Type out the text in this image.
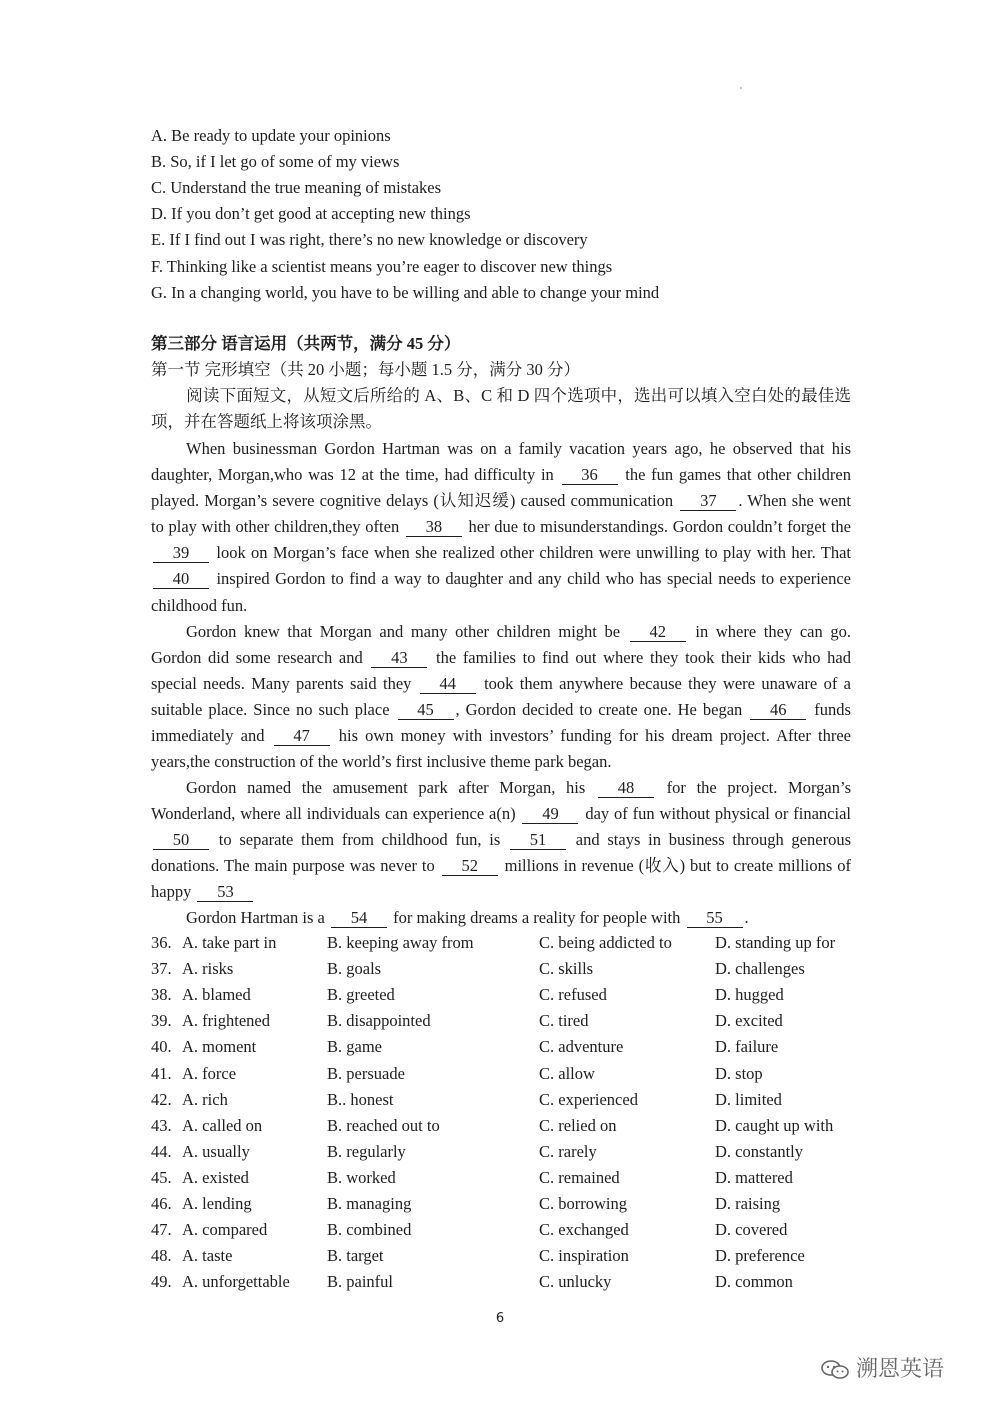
A. Be ready to update your opinions
B. So, if I let go of some of my views
C. Understand the true meaning of mistakes
D. If you don’t get good at accepting new things
E. If I find out I was right, there’s no new knowledge or discovery
F. Thinking like a scientist means you’re eager to discover new things
G. In a changing world, you have to be willing and able to change your mind
第三部分 语言运用（共两节，满分 45 分）
第一节 完形填空（共 20 小题；每小题 1.5 分，满分 30 分）

阅读下面短文，从短文后所给的 A、B、C 和 D 四个选项中，选出可以填入空白处的最佳选项，并在答题纸上将该项涂黑。

When businessman Gordon Hartman was on a family vacation years ago, he observed that his daughter, Morgan,who was 12 at the time, had difficulty in 36 the fun games that other children played. Morgan’s severe cognitive delays (认知迟缓) caused communication 37 . When she went to play with other children,they often 38 her due to misunderstandings. Gordon couldn’t forget the 39 look on Morgan’s face when she realized other children were unwilling to play with her. That 40 inspired Gordon to find a way to daughter and any child who has special needs to experience childhood fun.

Gordon knew that Morgan and many other children might be 42 in where they can go. Gordon did some research and 43 the families to find out where they took their kids who had special needs. Many parents said they 44 took them anywhere because they were unaware of a suitable place. Since no such place 45 , Gordon decided to create one. He began 46 funds immediately and 47 his own money with investors’ funding for his dream project. After three years,the construction of the world’s first inclusive theme park began.

Gordon named the amusement park after Morgan, his 48 for the project. Morgan’s Wonderland, where all individuals can experience a(n) 49 day of fun without physical or financial 50 to separate them from childhood fun, is 51 and stays in business through generous donations. The main purpose was never to 52 millions in revenue (收入) but to create millions of happy 53

Gordon Hartman is a 54 for making dreams a reality for people with 55 .

36. A. take part in	B. keeping away from	C. being addicted to	D. standing up for
37. A. risks	B. goals	C. skills	D. challenges
38. A. blamed	B. greeted	C. refused	D. hugged
39. A. frightened	B. disappointed	C. tired	D. excited
40. A. moment	B. game	C. adventure	D. failure
41. A. force	B. persuade	C. allow	D. stop
42. A. rich	B.. honest	C. experienced	D. limited
43. A. called on	B. reached out to	C. relied on	D. caught up with
44. A. usually	B. regularly	C. rarely	D. constantly
45. A. existed	B. worked	C. remained	D. mattered
46. A. lending	B. managing	C. borrowing	D. raising
47. A. compared	B. combined	C. exchanged	D. covered
48. A. taste	B. target	C. inspiration	D. preference
49. A. unforgettable B. painful	C. unlucky	D. common
6
溯恩英语
